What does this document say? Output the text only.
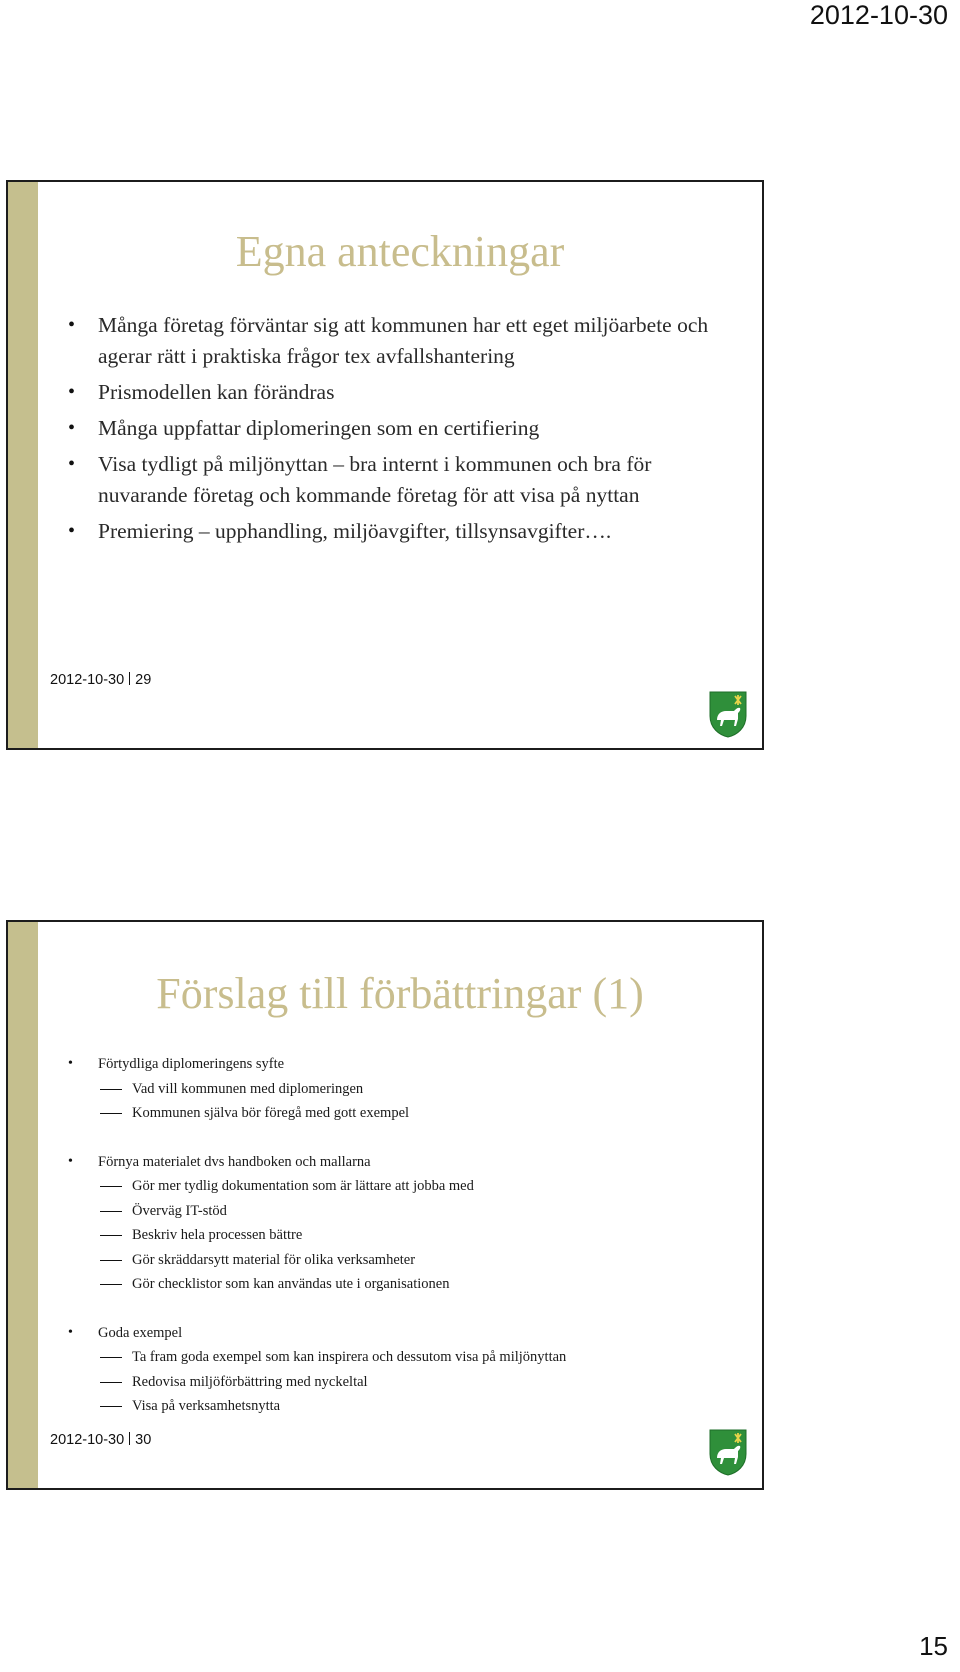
2012-10-30
Egna anteckningar
• Många företag förväntar sig att kommunen har ett eget miljöarbete och agerar rätt i praktiska frågor tex avfallshantering
• Prismodellen kan förändras
• Många uppfattar diplomeringen som en certifiering
• Visa tydligt på miljönyttan – bra internt i kommunen och bra för nuvarande företag och kommande företag för att visa på nyttan
• Premiering – upphandling, miljöavgifter, tillsynsavgifter….
2012-10-30 29
Förslag till förbättringar (1)
• Förtydliga diplomeringens syfte
Vad vill kommunen med diplomeringen
Kommunen själva bör föregå med gott exempel
• Förnya materialet dvs handboken och mallarna
Gör mer tydlig dokumentation som är lättare att jobba med
Överväg IT-stöd
Beskriv hela processen bättre
Gör skräddarsytt material för olika verksamheter
Gör checklistor som kan användas ute i organisationen
• Goda exempel
Ta fram goda exempel som kan inspirera och dessutom visa på miljönyttan
Redovisa miljöförbättring med nyckeltal
Visa på verksamhetsnytta
2012-10-30 30
15
